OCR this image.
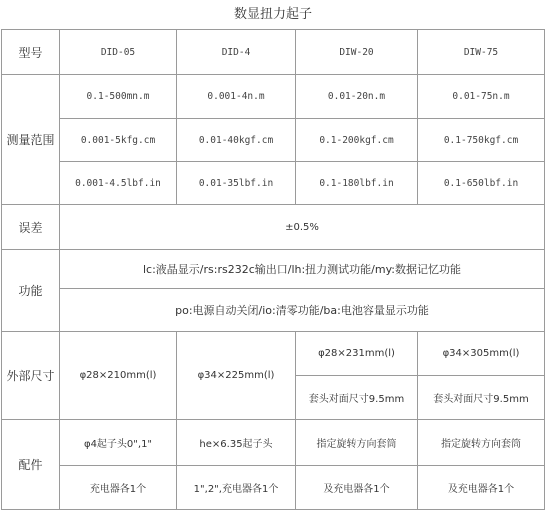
数显扭力起子
型号	DID-05	DID-4	DIW-20	DIW-75
测量范围	0.1-500mn.m	0.001-4n.m	0.01-20n.m	0.01-75n.m
	0.001-5kfg.cm	0.01-40kgf.cm	0.1-200kgf.cm	0.1-750kgf.cm
	0.001-4.5lbf.in	0.01-35lbf.in	0.1-180lbf.in	0.1-650lbf.in
误差	±0.5%			
功能	lc:液晶显示/rs:rs232c输出口/lh:扭力测试功能/my:数据记忆功能			
	po:电源自动关闭/io:清零功能/ba:电池容量显示功能			
外部尺寸	φ28×210mm(l)	φ34×225mm(l)	φ28×231mm(l)	φ34×305mm(l)
			套头对面尺寸9.5mm	套头对面尺寸9.5mm
配件	φ4起子头0",1"	he×6.35起子头	指定旋转方向套筒	指定旋转方向套筒
	充电器各1个	1",2",充电器各1个	及充电器各1个	及充电器各1个
